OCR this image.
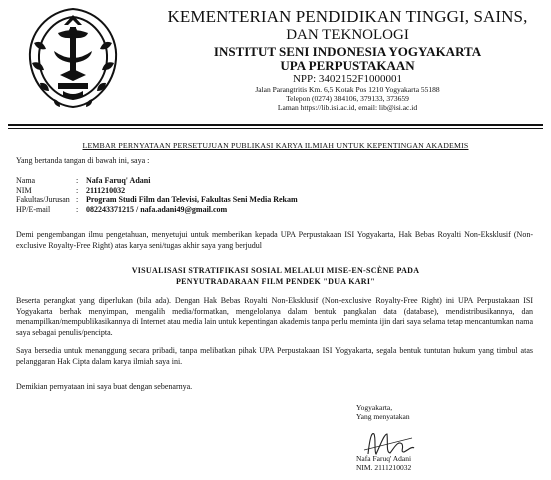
KEMENTERIAN PENDIDIKAN TINGGI, SAINS,
DAN TEKNOLOGI
INSTITUT SENI INDONESIA YOGYAKARTA
UPA PERPUSTAKAAN
NPP: 3402152F1000001
Jalan Parangtritis Km. 6,5 Kotak Pos 1210 Yogyakarta 55188
Telepon (0274) 384106, 379133, 373659
Laman https://lib.isi.ac.id, email: lib@isi.ac.id
LEMBAR PERNYATAAN PERSETUJUAN PUBLIKASI KARYA ILMIAH UNTUK KEPENTINGAN AKADEMIS
Yang bertanda tangan di bawah ini, saya :
Nama	: Nafa Faruq' Adani
NIM	: 2111210032
Fakultas/Jurusan : Program Studi Film dan Televisi, Fakultas Seni Media Rekam
HP/E-mail	: 082243371215 / nafa.adani49@gmail.com
Demi pengembangan ilmu pengetahuan, menyetujui untuk memberikan kepada UPA Perpustakaan ISI Yogyakarta, Hak Bebas Royalti Non-Eksklusif (Non-exclusive Royalty-Free Right) atas karya seni/tugas akhir saya yang berjudul
VISUALISASI STRATIFIKASI SOSIAL MELALUI MISE-EN-SCÈNE PADA
PENYUTRADARAAN FILM PENDEK "DUA KARI"
Beserta perangkat yang diperlukan (bila ada). Dengan Hak Bebas Royalti Non-Eksklusif (Non-exclusive Royalty-Free Right) ini UPA Perpustakaan ISI Yogyakarta berhak menyimpan, mengalih media/formatkan, mengelolanya dalam bentuk pangkalan data (database), mendistribusikannya, dan menampilkan/mempublikasikannya di Internet atau media lain untuk kepentingan akademis tanpa perlu meminta ijin dari saya selama tetap mencantumkan nama saya sebagai penulis/pencipta.
Saya bersedia untuk menanggung secara pribadi, tanpa melibatkan pihak UPA Perpustakaan ISI Yogyakarta, segala bentuk tuntutan hukum yang timbul atas pelanggaran Hak Cipta dalam karya ilmiah saya ini.
Demikian pernyataan ini saya buat dengan sebenarnya.
Yogyakarta,
Yang menyatakan
Nafa Faruq' Adani
NIM. 2111210032
